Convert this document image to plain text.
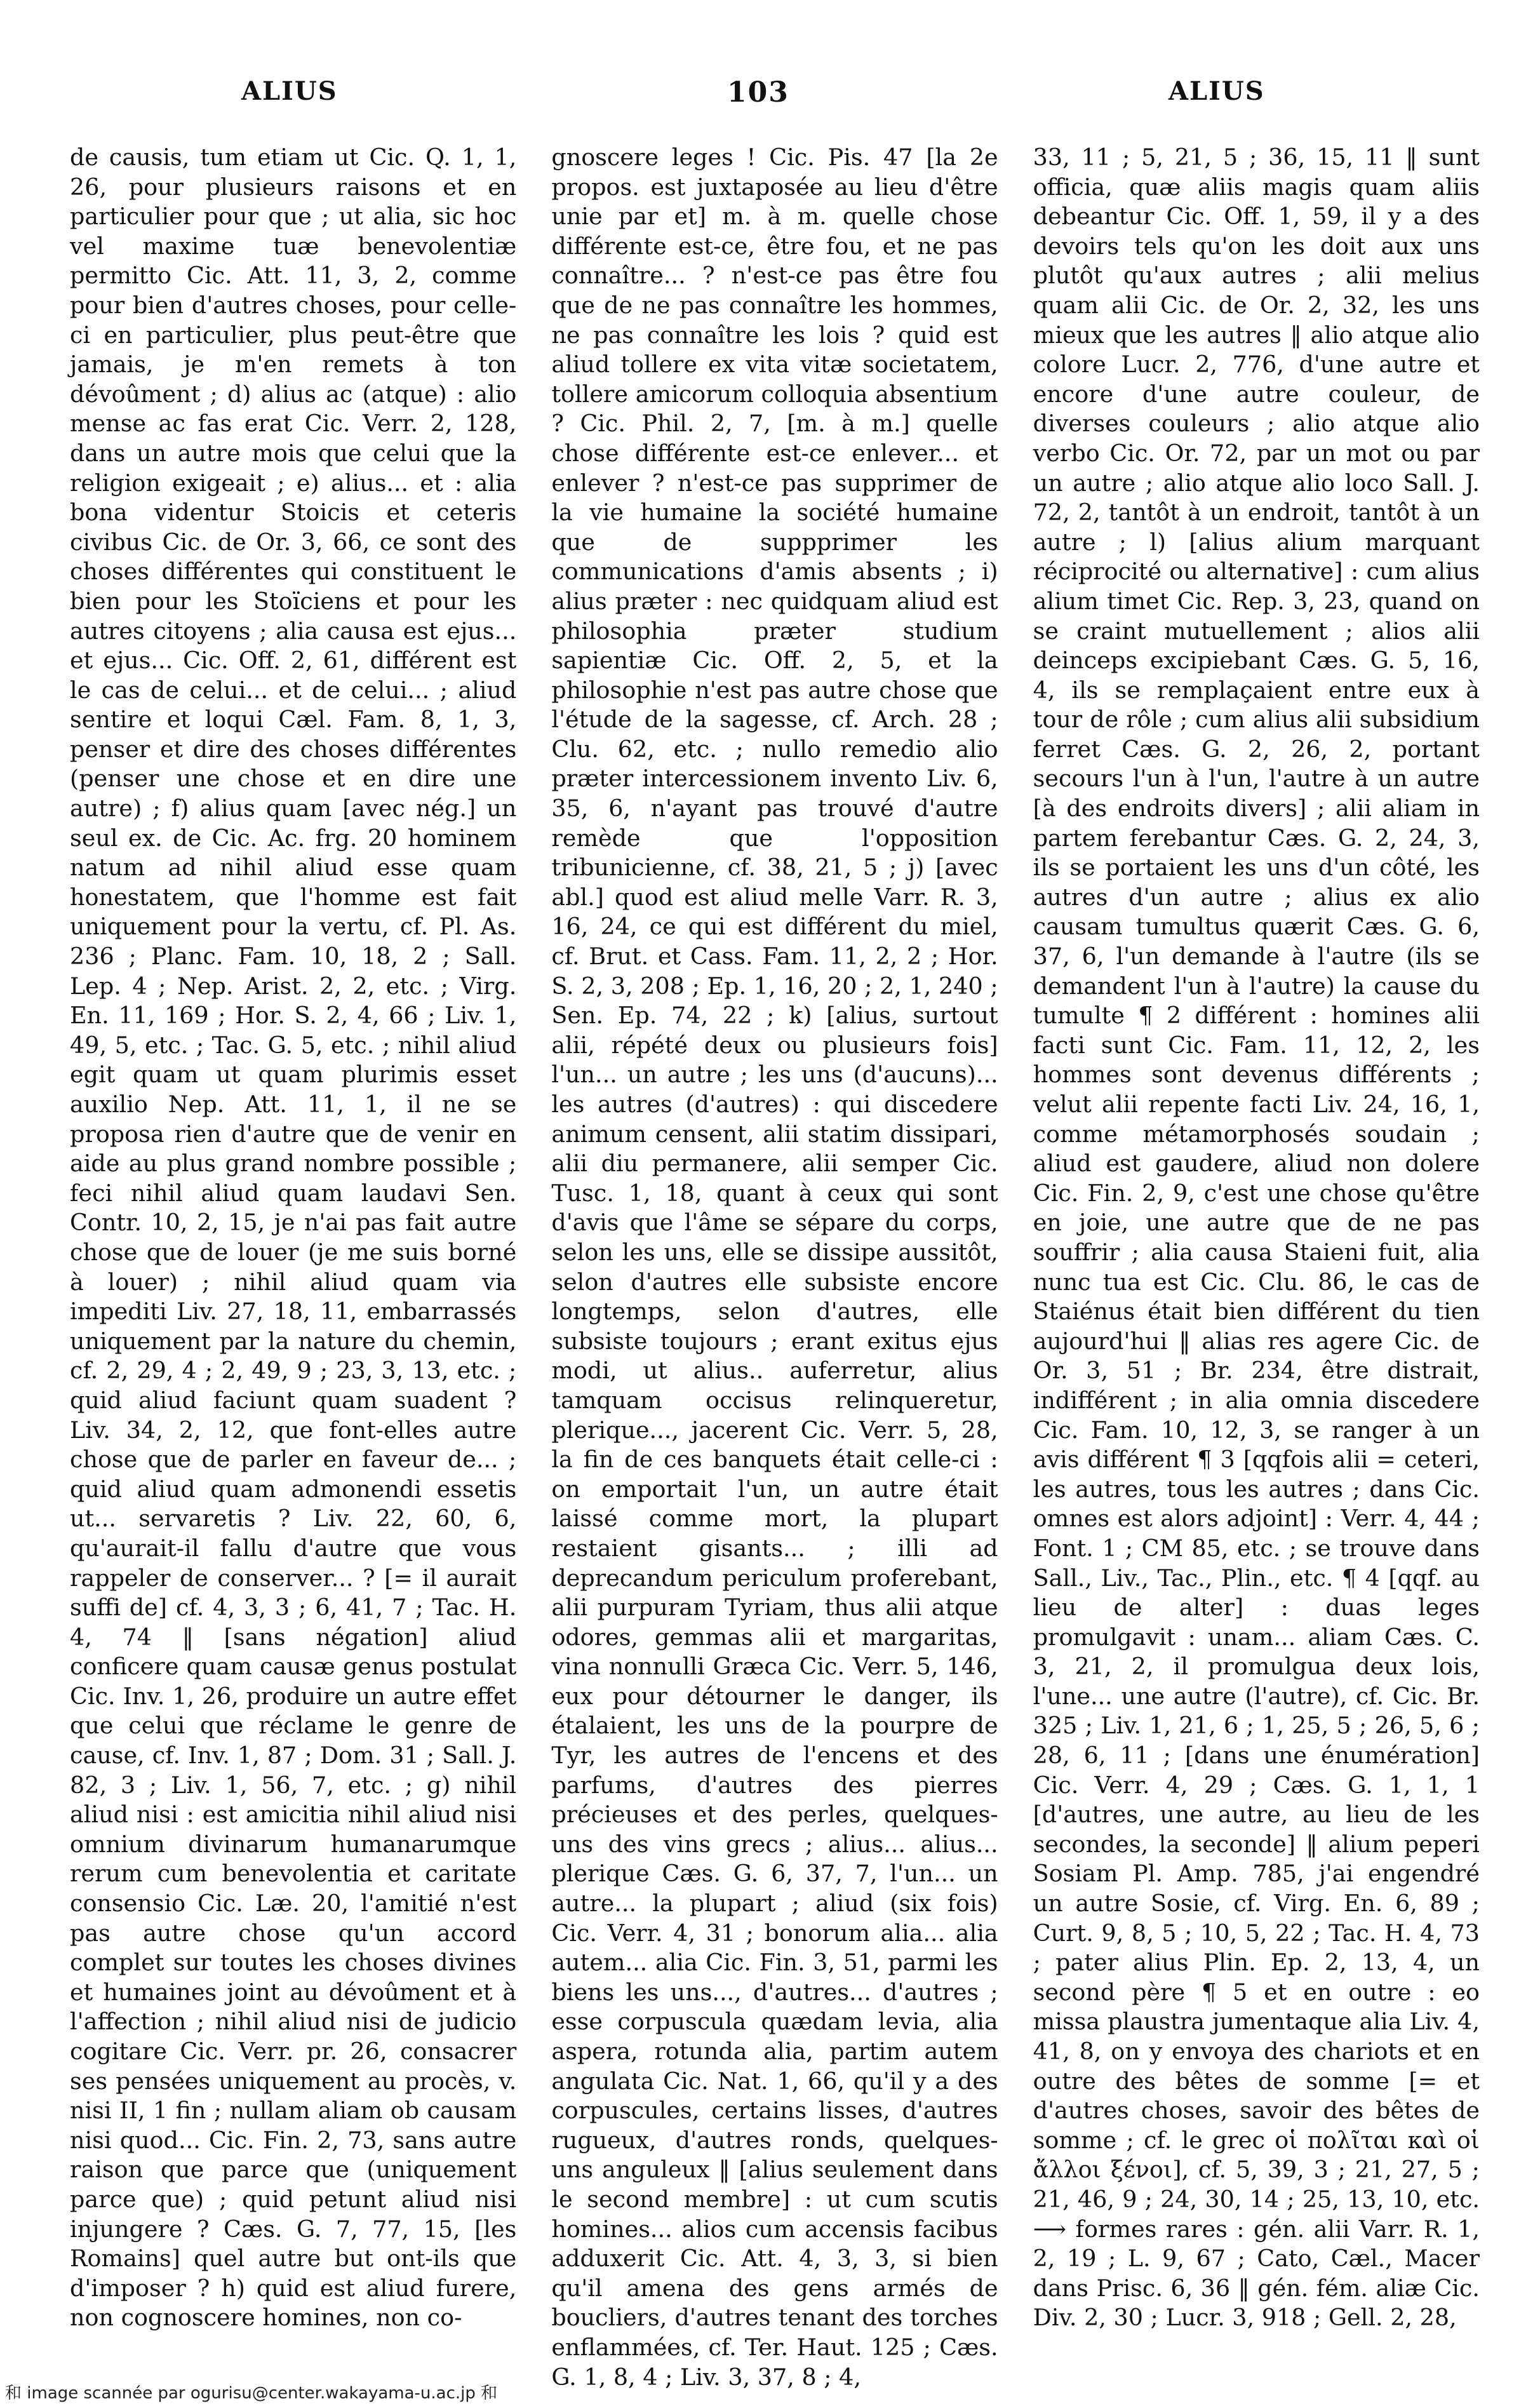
ALIUS	103	ALIUS

de causis, tum etiam ut Cic. Q. 1, 1, 26, pour plusieurs raisons et en particulier pour que ; ut alia, sic hoc vel maxime tuæ benevolentiæ permitto Cic. Att. 11, 3, 2, comme pour bien d'autres choses, pour celle-ci en particulier, plus peut-être que jamais, je m'en remets à ton dévoûment ; d) alius ac (atque) : alio mense ac fas erat Cic. Verr. 2, 128, dans un autre mois que celui que la religion exigeait ; e) alius... et : alia bona videntur Stoicis et ceteris civibus Cic. de Or. 3, 66, ce sont des choses différentes qui constituent le bien pour les Stoïciens et pour les autres citoyens ; alia causa est ejus... et ejus... Cic. Off. 2, 61, différent est le cas de celui... et de celui... ; aliud sentire et loqui Cæl. Fam. 8, 1, 3, penser et dire des choses différentes (penser une chose et en dire une autre) ; f) alius quam [avec nég.] un seul ex. de Cic. Ac. frg. 20 hominem natum ad nihil aliud esse quam honestatem, que l'homme est fait uniquement pour la vertu, cf. Pl. As. 236 ; Planc. Fam. 10, 18, 2 ; Sall. Lep. 4 ; Nep. Arist. 2, 2, etc. ; Virg. En. 11, 169 ; Hor. S. 2, 4, 66 ; Liv. 1, 49, 5, etc. ; Tac. G. 5, etc. ; nihil aliud egit quam ut quam plurimis esset auxilio Nep. Att. 11, 1, il ne se proposa rien d'autre que de venir en aide au plus grand nombre possible ; feci nihil aliud quam laudavi Sen. Contr. 10, 2, 15, je n'ai pas fait autre chose que de louer (je me suis borné à louer) ; nihil aliud quam via impediti Liv. 27, 18, 11, embarrassés uniquement par la nature du chemin, cf. 2, 29, 4 ; 2, 49, 9 ; 23, 3, 13, etc. ; quid aliud faciunt quam suadent ? Liv. 34, 2, 12, que font-elles autre chose que de parler en faveur de... ; quid aliud quam admonendi essetis ut... servaretis ? Liv. 22, 60, 6, qu'aurait-il fallu d'autre que vous rappeler de conserver... ? [= il aurait suffi de] cf. 4, 3, 3 ; 6, 41, 7 ; Tac. H. 4, 74 ‖ [sans négation] aliud conficere quam causæ genus postulat Cic. Inv. 1, 26, produire un autre effet que celui que réclame le genre de cause, cf. Inv. 1, 87 ; Dom. 31 ; Sall. J. 82, 3 ; Liv. 1, 56, 7, etc. ; g) nihil aliud nisi : est amicitia nihil aliud nisi omnium divinarum humanarumque rerum cum benevolentia et caritate consensio Cic. Læ. 20, l'amitié n'est pas autre chose qu'un accord complet sur toutes les choses divines et humaines joint au dévoûment et à l'affection ; nihil aliud nisi de judicio cogitare Cic. Verr. pr. 26, consacrer ses pensées uniquement au procès, v. nisi II, 1 fin ; nullam aliam ob causam nisi quod... Cic. Fin. 2, 73, sans autre raison que parce que (uniquement parce que) ; quid petunt aliud nisi injungere ? Cæs. G. 7, 77, 15, [les Romains] quel autre but ont-ils que d'imposer ? h) quid est aliud furere, non cognoscere homines, non co-

gnoscere leges ! Cic. Pis. 47 [la 2e propos. est juxtaposée au lieu d'être unie par et] m. à m. quelle chose différente est-ce, être fou, et ne pas connaître... ? n'est-ce pas être fou que de ne pas connaître les hommes, ne pas connaître les lois ? quid est aliud tollere ex vita vitæ societatem, tollere amicorum colloquia absentium ? Cic. Phil. 2, 7, [m. à m.] quelle chose différente est-ce enlever... et enlever ? n'est-ce pas supprimer de la vie humaine la société humaine que de suppprimer les communications d'amis absents ; i) alius præter : nec quidquam aliud est philosophia præter studium sapientiæ Cic. Off. 2, 5, et la philosophie n'est pas autre chose que l'étude de la sagesse, cf. Arch. 28 ; Clu. 62, etc. ; nullo remedio alio præter intercessionem invento Liv. 6, 35, 6, n'ayant pas trouvé d'autre remède que l'opposition tribunicienne, cf. 38, 21, 5 ; j) [avec abl.] quod est aliud melle Varr. R. 3, 16, 24, ce qui est différent du miel, cf. Brut. et Cass. Fam. 11, 2, 2 ; Hor. S. 2, 3, 208 ; Ep. 1, 16, 20 ; 2, 1, 240 ; Sen. Ep. 74, 22 ; k) [alius, surtout alii, répété deux ou plusieurs fois] l'un... un autre ; les uns (d'aucuns)... les autres (d'autres) : qui discedere animum censent, alii statim dissipari, alii diu permanere, alii semper Cic. Tusc. 1, 18, quant à ceux qui sont d'avis que l'âme se sépare du corps, selon les uns, elle se dissipe aussitôt, selon d'autres elle subsiste encore longtemps, selon d'autres, elle subsiste toujours ; erant exitus ejus modi, ut alius.. auferretur, alius tamquam occisus relinqueretur, plerique..., jacerent Cic. Verr. 5, 28, la fin de ces banquets était celle-ci : on emportait l'un, un autre était laissé comme mort, la plupart restaient gisants... ; illi ad deprecandum periculum proferebant, alii purpuram Tyriam, thus alii atque odores, gemmas alii et margaritas, vina nonnulli Græca Cic. Verr. 5, 146, eux pour détourner le danger, ils étalaient, les uns de la pourpre de Tyr, les autres de l'encens et des parfums, d'autres des pierres précieuses et des perles, quelques-uns des vins grecs ; alius... alius... plerique Cæs. G. 6, 37, 7, l'un... un autre... la plupart ; aliud (six fois) Cic. Verr. 4, 31 ; bonorum alia... alia autem... alia Cic. Fin. 3, 51, parmi les biens les uns..., d'autres... d'autres ; esse corpuscula quædam levia, alia aspera, rotunda alia, partim autem angulata Cic. Nat. 1, 66, qu'il y a des corpuscules, certains lisses, d'autres rugueux, d'autres ronds, quelques-uns anguleux ‖ [alius seulement dans le second membre] : ut cum scutis homines... alios cum accensis facibus adduxerit Cic. Att. 4, 3, 3, si bien qu'il amena des gens armés de boucliers, d'autres tenant des torches enflammées, cf. Ter. Haut. 125 ; Cæs. G. 1, 8, 4 ; Liv. 3, 37, 8 ; 4,

33, 11 ; 5, 21, 5 ; 36, 15, 11 ‖ sunt officia, quæ aliis magis quam aliis debeantur Cic. Off. 1, 59, il y a des devoirs tels qu'on les doit aux uns plutôt qu'aux autres ; alii melius quam alii Cic. de Or. 2, 32, les uns mieux que les autres ‖ alio atque alio colore Lucr. 2, 776, d'une autre et encore d'une autre couleur, de diverses couleurs ; alio atque alio verbo Cic. Or. 72, par un mot ou par un autre ; alio atque alio loco Sall. J. 72, 2, tantôt à un endroit, tantôt à un autre ; l) [alius alium marquant réciprocité ou alternative] : cum alius alium timet Cic. Rep. 3, 23, quand on se craint mutuellement ; alios alii deinceps excipiebant Cæs. G. 5, 16, 4, ils se remplaçaient entre eux à tour de rôle ; cum alius alii subsidium ferret Cæs. G. 2, 26, 2, portant secours l'un à l'un, l'autre à un autre [à des endroits divers] ; alii aliam in partem ferebantur Cæs. G. 2, 24, 3, ils se portaient les uns d'un côté, les autres d'un autre ; alius ex alio causam tumultus quærit Cæs. G. 6, 37, 6, l'un demande à l'autre (ils se demandent l'un à l'autre) la cause du tumulte ¶ 2 différent : homines alii facti sunt Cic. Fam. 11, 12, 2, les hommes sont devenus différents ; velut alii repente facti Liv. 24, 16, 1, comme métamorphosés soudain ; aliud est gaudere, aliud non dolere Cic. Fin. 2, 9, c'est une chose qu'être en joie, une autre que de ne pas souffrir ; alia causa Staieni fuit, alia nunc tua est Cic. Clu. 86, le cas de Staiénus était bien différent du tien aujourd'hui ‖ alias res agere Cic. de Or. 3, 51 ; Br. 234, être distrait, indifférent ; in alia omnia discedere Cic. Fam. 10, 12, 3, se ranger à un avis différent ¶ 3 [qqfois alii = ceteri, les autres, tous les autres ; dans Cic. omnes est alors adjoint] : Verr. 4, 44 ; Font. 1 ; CM 85, etc. ; se trouve dans Sall., Liv., Tac., Plin., etc. ¶ 4 [qqf. au lieu de alter] : duas leges promulgavit : unam... aliam Cæs. C. 3, 21, 2, il promulgua deux lois, l'une... une autre (l'autre), cf. Cic. Br. 325 ; Liv. 1, 21, 6 ; 1, 25, 5 ; 26, 5, 6 ; 28, 6, 11 ; [dans une énumération] Cic. Verr. 4, 29 ; Cæs. G. 1, 1, 1 [d'autres, une autre, au lieu de les secondes, la seconde] ‖ alium peperi Sosiam Pl. Amp. 785, j'ai engendré un autre Sosie, cf. Virg. En. 6, 89 ; Curt. 9, 8, 5 ; 10, 5, 22 ; Tac. H. 4, 73 ; pater alius Plin. Ep. 2, 13, 4, un second père ¶ 5 et en outre : eo missa plaustra jumentaque alia Liv. 4, 41, 8, on y envoya des chariots et en outre des bêtes de somme [= et d'autres choses, savoir des bêtes de somme ; cf. le grec οἱ πολῖται καὶ οἱ ἄλλοι ξένοι], cf. 5, 39, 3 ; 21, 27, 5 ; 21, 46, 9 ; 24, 30, 14 ; 25, 13, 10, etc. ⟶ formes rares : gén. alii Varr. R. 1, 2, 19 ; L. 9, 67 ; Cato, Cæl., Macer dans Prisc. 6, 36 ‖ gén. fém. aliæ Cic. Div. 2, 30 ; Lucr. 3, 918 ; Gell. 2, 28,

和 image scannée par ogurisu@center.wakayama-u.ac.jp 和
